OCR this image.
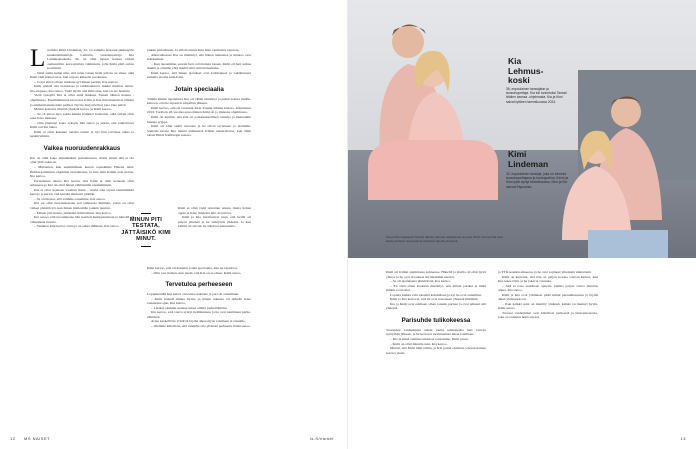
Luomisa Kimi Lindeman, 32, on aamulla hoitanut pikkutytön kuukausimuistoja. Lumulla, tanssinopettaja Kia Lehmuskoskella, 36, on ollut lapsen kanssa tärkeä aamurutiini, koreografian valmistelu, jolle Kimi ehtii auttaa kotitöissä.

– Siinä aamu kuluu niin, että tulee toinen hetki jolloin on aikaa, eikä Kimi ehdi kantaa ulos, kun tarjoaa kiireelle puoleensa.

– Ja nyt sitten ollaan mukana nyt hänen perään, Kia nauraa.

Kimi tykkää olla teatterissa ja taidekoulussa, minkä muistaa tanssi-ilta-sarjassa, Kia sanoo. Vielä hyvin olla fiilis aina, kun on iso homma.

Vielä syksyllä Kia ei ollut enää mukana Tanssii tähtien kanssa -ohjelmassa. Ensimmäisessä kierrossa Kimi ja Kia ilmoittautuivat tähtien ja ammattitanssijoiden pariksi. Nyt he harjoittelivat jopa joka päivä.

Mörkö-kotisivu näyttää yhteistä kuvaa, ja Kimi kertoo.

– Se oli ainoa tapa saada kaikki hommat hoidettua, eikä silloin ollut edes Kiaa mukana.

– Olin jännänyt koko syksyn, hän sanoo ja jatkaa, että rauhoittava Kimi tarvitsi tukea.

Kimi ei ollut kokenut tanssia ennen ja nyt hän tarvitsee aikaa ja keskittymistä.

Vaikea nuoruudenrakkaus

Kia on ollut koko aikuisikänsä parisuhteessa, mutta ennen tätä ei ole ollut yhtä vakavaa.

– Muistelen, kun ensimmäisen kerran tapasimme Helena Ahti-Hallberg-nimisen ohjelman tuotannossa, ja kun näin Kimin ensi kertaa, Kia kertoo.

Parisuhteen alussa Kia kertoi, että Kimi ei ollut koskaan ollut suhteessa ja Kia oli ollut hänen elämässään ensimmäinen.

Kia ei ollut koskaan vaatinut ikinä – mutta toki tapasi ensimmäisiä kertoja ja kertoi, että kiertää mielessä pitkään.

– Se on hienoa, että saimme toisemme, Kia sanoo.

Kia on ollut nuoruudestaan asti suhteessa ihmisiin, joista on ollut vaikea päästää irti, kun hänen mielestään jotakin puuttui.

– Minun piti testata, jättäisikö Kimi minut, hän kertoo.

Kia sanoo, että nuorempana hän koetteli kumppaneitaan ja hänellä oli vaikeuksia luottaa.

– Sisäinen ääni kertoi, että nyt on oikea ihminen, Kia sanoo.

pitkän parisuhteen. Ja silloin tuntui kuin hain varmuutta lapsesta.

Alkuvaiheessa Kia on miettinyt, että hänen tunteensa ja muutos ovat kohdanneet.

– Kun tapasimme, sanoin heti, että haluan lapsen. Kimi oli heti samaa mieltä ja olimme yhtä mieltä siitä, mitä haluamme.

Kimi kertoo, että hänen ajatukset ovat kohdanneet ja vakiintuneet samalla tavalla kuin Kian.

Jotain speciaalia

Tämän Kimin tapaamista Kia oli vähän miettinyt ja puhui asiasta muille, kertoen, että he tapasivat kilpailun jälkeen.

Kimi kertoo, että oli tavannut Kian Tanssii tähtien kanssa -kilpailussa 2019. Tuolloin 26-vuotias espoolainen Kimi oli jo mukana ohjelmassa.

Kimi oli kuullut, että Kia on poikkeuksellinen tanssija ja muutenkin hauska tyyppi.

Kimi oli ollut siellä vieraana ja he olivat tavanneet jo aiemmin. Samalla kertaa Kia muisti nähneensä Kimin tanssi-illassa, kun tämä tanssi Heidi Sohlbergin kanssa.

MINUN PITI TESTATA, JÄTTÄISIKÖ KIMI MINUT.

Kimi ei ollut vielä tanssinut ennen, mutta halusi oppia ja Kian mielestä hän oli taitava.

Kimi ja Kia huomasivat pian, että heillä oli paljon yhteistä ja he viihtyivät yhdessä. Ja kun kaikki oli selvää, he alkoivat seurustella.

Kimi kertoo, että oli kokenut jotain speciaalia, kun he tapasivat.

– Olin tosi iloinen, kun tiesin, että Kia on se oikea, Kimi sanoo.

Tervetuloa perheeseen

Loppukesällä Kia kertoi olevansa raskaana ja pari oli onnellinen.

– Kimi kohteli minua hyvin, ja hänen tukensa oli tärkeää koko raskauden ajan, Kia kertoo.

– Lisäksi olemme saaneet tukea omilta perheiltämme.

Kia kertoo, että vauva syntyi helmikuussa ja he ovat nauttineet perhe-elämästä.

Arjen keskellä he yrittävät löytää aikaa myös toisilleen ja tanssille.

– Olemme kiitollisia, että saamme olla yhdessä perheenä, Kimi sanoo.

12 MS NAISET	is.fi/naiset
Kia
Lehmus-
koski
36, espoolainen tanssijatar ja tanssinopettaja. Kia tuli tunnetuksi Tanssii tähtien kanssa -ohjelmasta. Kia ja Kimi saivat tyttären tammikuussa 2024.
Kimi
Lindeman
32, espoolainen tanssija, joka on toiminut tanssinopettajana ja koreografina. Kimin ja Kian tytär syntyi tammikuussa. Kimi ja Kia asuvat Espoossa.
Kia ja Kimi tapasivat Tanssii tähtien kanssa -kilpailussa vuonna 2019. Kimi ja Kia ovat iloisia perheen kasvusta ja nauttivat arjesta yhdessä.

Kimi oli Kimin aiemmassa suhteessa. Hänellä ja Kialla oli ollut hyvä yhteys ja he ovat tavanneet myöhemmin useasti.

– Se oli ajatuksena jännittävää, Kia kertoo.

– En ollut sitten koskaan miettinyt, että tulisin pariksi ja mikä minun rooli olisi.

Lopulta kaikki vain loksahti kohdalleen ja nyt he ovat onnellisia.

Kimi ja Kia kertovat, että he ovat kasvaneet yhdessä ihmisinä.

Kia ja Kimi ovat edelleen olleet tanssin parissa ja ovat tehneet sitä yhdessä.

Parisuhde tulikokeessa

Tuoreiden vanhempien suhde joutui tulikokeelle heti vauvan syntymän jälkeen, ja he kertovat tarvinneensa aikaa toisilleen.

– Kia ja minä olemme tukeneet toisiamme, Kimi sanoo.

– Kimi on ollut minulle tuki, Kia kertoo.

Murtui, että Kimi lähti töihin, ja Kia joutui olemaan vauvan kanssa kotona yksin.

ja TTK-kauden alkaessa, ja he ovat sopineet yhteisistä säännöistä.

Kimi on kertonut, että hän on paljon kotona vauvan kanssa, kun Kia tekee töitä, ja he jakavat vastuuta.

– Sitä ei osaa etukäteen ajatella, kuinka paljon vauva muuttaa arkea, Kia sanoo.

Kimi ja Kia ovat yrittäneet pitää kiinni parisuhteestaan ja löytää aikaa yhdessäoloon.

– Kun kaikki asiat on mietitty yhdessä, kaikki on mennyt hyvin, Kimi sanoo.

Tuoreet vanhemmat ovat kiitollisia perheestä ja tukiverkostosta, joka on auttanut heitä arjessa.

13
